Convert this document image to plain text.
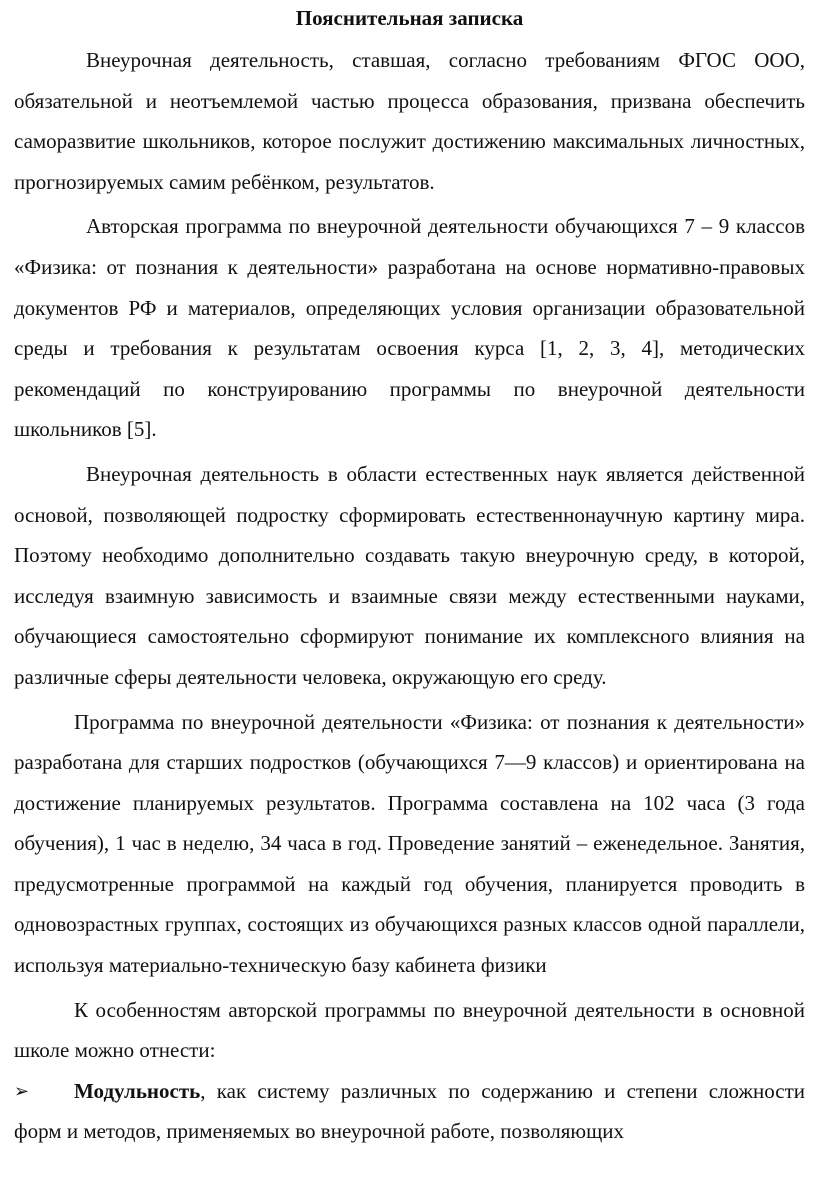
Пояснительная записка

Внеурочная деятельность, ставшая, согласно требованиям ФГОС ООО, обязательной и неотъемлемой частью процесса образования, призвана обеспечить саморазвитие школьников, которое послужит достижению максимальных личностных, прогнозируемых самим ребёнком, результатов.

Авторская программа по внеурочной деятельности обучающихся 7 – 9 классов «Физика: от познания к деятельности» разработана на основе нормативно-правовых документов РФ и материалов, определяющих условия организации образовательной среды и требования к результатам освоения курса [1, 2, 3, 4], методических рекомендаций по конструированию программы по внеурочной деятельности школьников [5].

Внеурочная деятельность в области естественных наук является действенной основой, позволяющей подростку сформировать естественнонаучную картину мира. Поэтому необходимо дополнительно создавать такую внеурочную среду, в которой, исследуя взаимную зависимость и взаимные связи между естественными науками, обучающиеся самостоятельно сформируют понимание их комплексного влияния на различные сферы деятельности человека, окружающую его среду.

Программа по внеурочной деятельности «Физика: от познания к деятельности» разработана для старших подростков (обучающихся 7—9 классов) и ориентирована на достижение планируемых результатов. Программа составлена на 102 часа (3 года обучения), 1 час в неделю, 34 часа в год. Проведение занятий – еженедельное. Занятия, предусмотренные программой на каждый год обучения, планируется проводить в одновозрастных группах, состоящих из обучающихся разных классов одной параллели, используя материально-техническую базу кабинета физики

К особенностям авторской программы по внеурочной деятельности в основной школе можно отнести:

➢	Модульность, как систему различных по содержанию и степени сложности форм и методов, применяемых во внеурочной работе, позволяющих
